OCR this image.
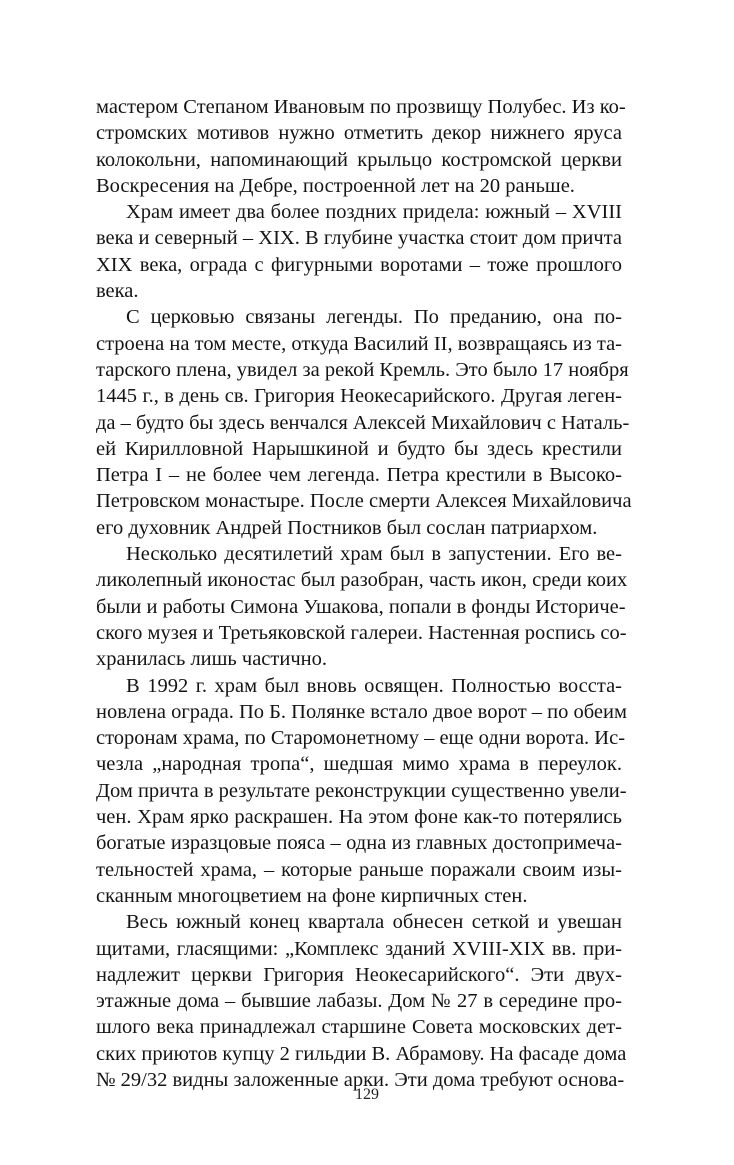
мастером Степаном Ивановым по прозвищу Полубес. Из ко-
стромских мотивов нужно отметить декор нижнего яруса
колокольни, напоминающий крыльцо костромской церкви
Воскресения на Дебре, построенной лет на 20 раньше.
Храм имеет два более поздних придела: южный – XVIII
века и северный – XIX. В глубине участка стоит дом причта
XIX века, ограда с фигурными воротами – тоже прошлого
века.
С церковью связаны легенды. По преданию, она по-
строена на том месте, откуда Василий II, возвращаясь из та-
тарского плена, увидел за рекой Кремль. Это было 17 ноября
1445 г., в день св. Григория Неокесарийского. Другая леген-
да – будто бы здесь венчался Алексей Михайлович с Наталь-
ей Кирилловной Нарышкиной и будто бы здесь крестили
Петра I – не более чем легенда. Петра крестили в Высоко-
Петровском монастыре. После смерти Алексея Михайловича
его духовник Андрей Постников был сослан патриархом.
Несколько десятилетий храм был в запустении. Его ве-
ликолепный иконостас был разобран, часть икон, среди коих
были и работы Симона Ушакова, попали в фонды Историче-
ского музея и Третьяковской галереи. Настенная роспись со-
хранилась лишь частично.
В 1992 г. храм был вновь освящен. Полностью восста-
новлена ограда. По Б. Полянке встало двое ворот – по обеим
сторонам храма, по Старомонетному – еще одни ворота. Ис-
чезла „народная тропа“, шедшая мимо храма в переулок.
Дом причта в результате реконструкции существенно увели-
чен. Храм ярко раскрашен. На этом фоне как-то потерялись
богатые изразцовые пояса – одна из главных достопримеча-
тельностей храма, – которые раньше поражали своим изы-
сканным многоцветием на фоне кирпичных стен.
Весь южный конец квартала обнесен сеткой и увешан
щитами, гласящими: „Комплекс зданий XVIII-XIX вв. при-
надлежит церкви Григория Неокесарийского“. Эти двух-
этажные дома – бывшие лабазы. Дом № 27 в середине про-
шлого века принадлежал старшине Совета московских дет-
ских приютов купцу 2 гильдии В. Абрамову. На фасаде дома
№ 29/32 видны заложенные арки. Эти дома требуют основа-
129
